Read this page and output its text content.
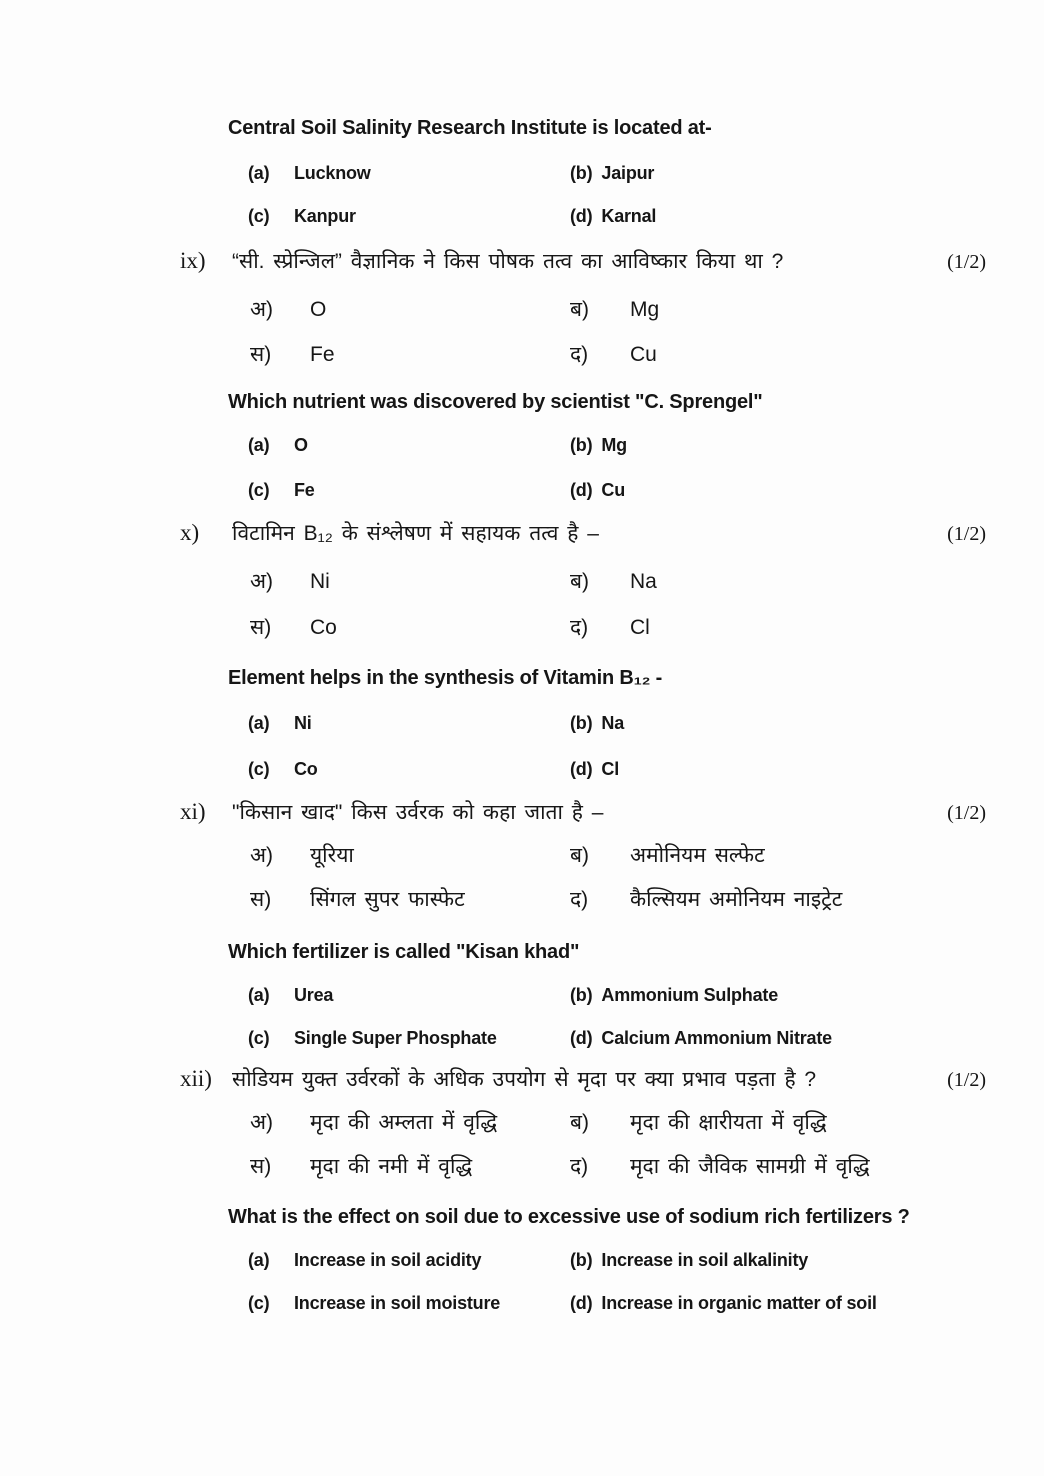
Central Soil Salinity Research Institute is located at-
(a)	Lucknow	(b) Jaipur
(c)	Kanpur	(d) Karnal
ix)	“सी. स्प्रेन्जिल” वैज्ञानिक ने किस पोषक तत्व का आविष्कार किया था ?	(1/2)
अ)	O	ब)	Mg
स)	Fe	द)	Cu
Which nutrient was discovered by scientist "C. Sprengel"
(a)	O	(b) Mg
(c)	Fe	(d) Cu
x)	विटामिन B₁₂ के संश्लेषण में सहायक तत्व है –	(1/2)
अ)	Ni	ब)	Na
स)	Co	द)	Cl
Element helps in the synthesis of Vitamin B₁₂ -
(a)	Ni	(b) Na
(c)	Co	(d) Cl
xi)	"किसान खाद" किस उर्वरक को कहा जाता है –	(1/2)
अ)	यूरिया	ब)	अमोनियम सल्फेट
स)	सिंगल सुपर फास्फेट	द)	कैल्सियम अमोनियम नाइट्रेट
Which fertilizer is called "Kisan khad"
(a)	Urea	(b) Ammonium Sulphate
(c)	Single Super Phosphate	(d) Calcium Ammonium Nitrate
xii) सोडियम युक्त उर्वरकों के अधिक उपयोग से मृदा पर क्या प्रभाव पड़ता है ?	(1/2)
अ)	मृदा की अम्लता में वृद्धि	ब)	मृदा की क्षारीयता में वृद्धि
स)	मृदा की नमी में वृद्धि	द)	मृदा की जैविक सामग्री में वृद्धि
What is the effect on soil due to excessive use of sodium rich fertilizers ?
(a)	Increase in soil acidity	(b) Increase in soil alkalinity
(c)	Increase in soil moisture	(d) Increase in organic matter of soil
